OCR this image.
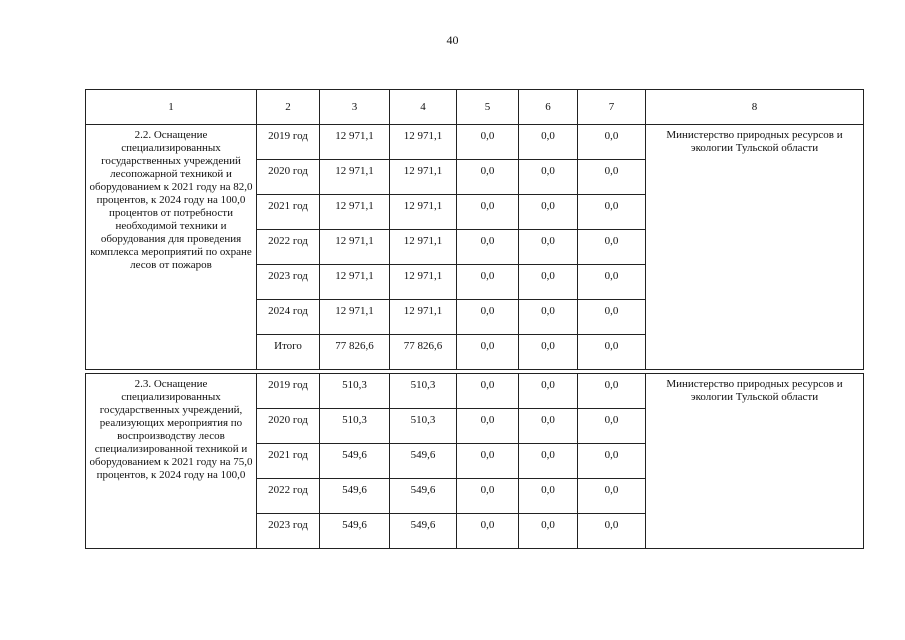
40
1	2	3	4	5	6	7	8
2.2. Оснащение специализированных государственных учреждений лесопожарной техникой и оборудованием к 2021 году на 82,0 процентов, к 2024 году на 100,0 процентов от потребности необходимой техники и оборудования для проведения комплекса мероприятий по охране лесов от пожаров	2019 год	12 971,1	12 971,1	0,0	0,0	0,0	Министерство природных ресурсов и экологии Тульской области
	2020 год	12 971,1	12 971,1	0,0	0,0	0,0	
	2021 год	12 971,1	12 971,1	0,0	0,0	0,0	
	2022 год	12 971,1	12 971,1	0,0	0,0	0,0	
	2023 год	12 971,1	12 971,1	0,0	0,0	0,0	
	2024 год	12 971,1	12 971,1	0,0	0,0	0,0	
	Итого	77 826,6	77 826,6	0,0	0,0	0,0	

2.3. Оснащение специализированных государственных учреждений, реализующих мероприятия по воспроизводству лесов специализированной техникой и оборудованием к 2021 году на 75,0 процентов, к 2024 году на 100,0	2019 год	510,3	510,3	0,0	0,0	0,0	Министерство природных ресурсов и экологии Тульской области
	2020 год	510,3	510,3	0,0	0,0	0,0	
	2021 год	549,6	549,6	0,0	0,0	0,0	
	2022 год	549,6	549,6	0,0	0,0	0,0	
	2023 год	549,6	549,6	0,0	0,0	0,0	
